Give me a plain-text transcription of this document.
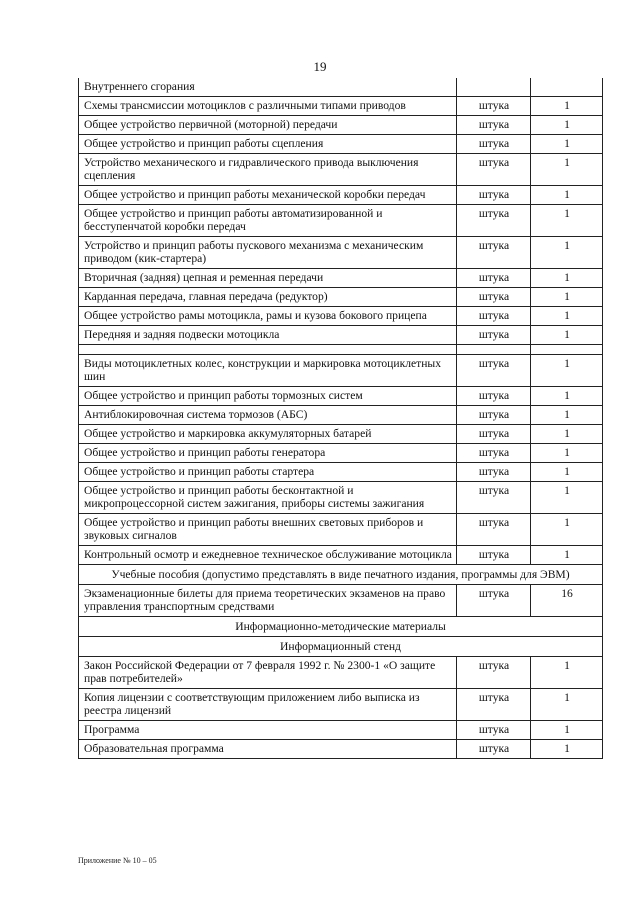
19
Внутреннего сгорания		
Схемы трансмиссии мотоциклов с различными типами приводов	штука	1
Общее устройство первичной (моторной) передачи	штука	1
Общее устройство и принцип работы сцепления	штука	1
Устройство механического и гидравлического привода выключения сцепления	штука	1
Общее устройство и принцип работы механической коробки передач	штука	1
Общее устройство и принцип работы автоматизированной и бесступенчатой коробки передач	штука	1
Устройство и принцип работы пускового механизма с механическим приводом (кик-стартера)	штука	1
Вторичная (задняя) цепная и ременная передачи	штука	1
Карданная передача, главная передача (редуктор)	штука	1
Общее устройство рамы мотоцикла, рамы и кузова бокового прицепа	штука	1
Передняя и задняя подвески мотоцикла	штука	1

Виды мотоциклетных колес, конструкции и маркировка мотоциклетных шин	штука	1
Общее устройство и принцип работы тормозных систем	штука	1
Антиблокировочная система тормозов (АБС)	штука	1
Общее устройство и маркировка аккумуляторных батарей	штука	1
Общее устройство и принцип работы генератора	штука	1
Общее устройство и принцип работы стартера	штука	1
Общее устройство и принцип работы бесконтактной и микропроцессорной систем зажигания, приборы системы зажигания	штука	1
Общее устройство и принцип работы внешних световых приборов и звуковых сигналов	штука	1
Контрольный осмотр и ежедневное техническое обслуживание мотоцикла	штука	1
Учебные пособия (допустимо представлять в виде печатного издания, программы для ЭВМ)		
Экзаменационные билеты для приема теоретических экзаменов на право управления транспортным средствами	штука	16
Информационно-методические материалы		
Информационный стенд		
Закон Российской Федерации от 7 февраля 1992 г. № 2300-1 «О защите прав потребителей»	штука	1
Копия лицензии с соответствующим приложением либо выписка из реестра лицензий	штука	1
Программа	штука	1
Образовательная программа	штука	1
Приложение № 10 – 05
